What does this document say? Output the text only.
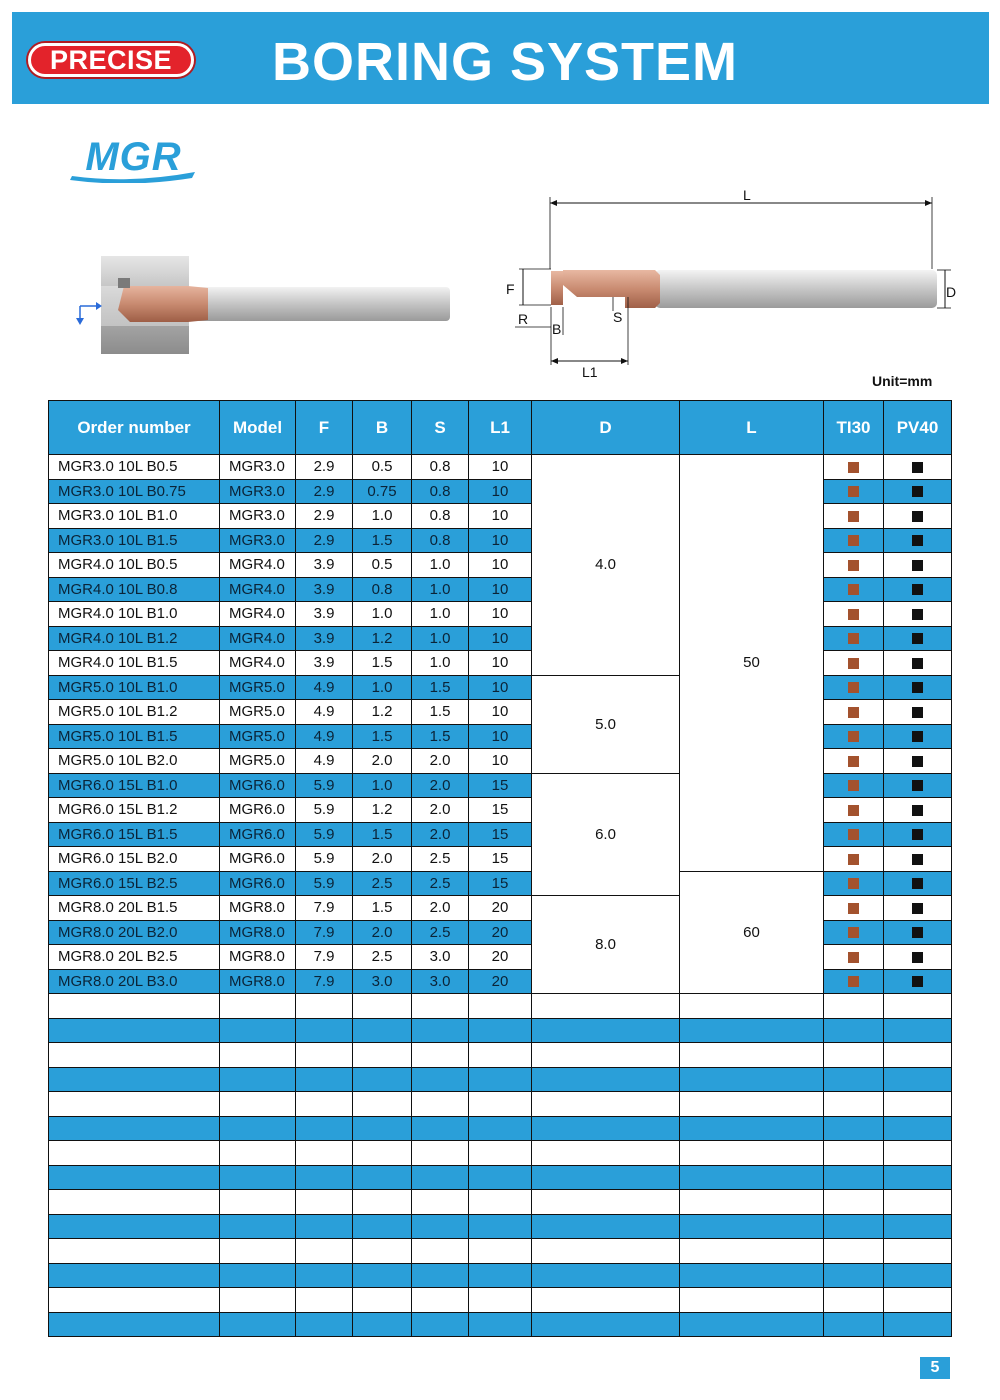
PRECISE	BORING SYSTEM
MGR
L
D
F
R
B
S
L1
Unit=mm
Order number	Model	F	B	S	L1	D	L	TI30	PV40
MGR3.0 10L B0.5	MGR3.0	2.9	0.5	0.8	10	4.0	50		
MGR3.0 10L B0.75	MGR3.0	2.9	0.75	0.8	10				
MGR3.0 10L B1.0	MGR3.0	2.9	1.0	0.8	10				
MGR3.0 10L B1.5	MGR3.0	2.9	1.5	0.8	10				
MGR4.0 10L B0.5	MGR4.0	3.9	0.5	1.0	10				
MGR4.0 10L B0.8	MGR4.0	3.9	0.8	1.0	10				
MGR4.0 10L B1.0	MGR4.0	3.9	1.0	1.0	10				
MGR4.0 10L B1.2	MGR4.0	3.9	1.2	1.0	10				
MGR4.0 10L B1.5	MGR4.0	3.9	1.5	1.0	10				
MGR5.0 10L B1.0	MGR5.0	4.9	1.0	1.5	10	5.0			
MGR5.0 10L B1.2	MGR5.0	4.9	1.2	1.5	10				
MGR5.0 10L B1.5	MGR5.0	4.9	1.5	1.5	10				
MGR5.0 10L B2.0	MGR5.0	4.9	2.0	2.0	10				
MGR6.0 15L B1.0	MGR6.0	5.9	1.0	2.0	15	6.0			
MGR6.0 15L B1.2	MGR6.0	5.9	1.2	2.0	15				
MGR6.0 15L B1.5	MGR6.0	5.9	1.5	2.0	15				
MGR6.0 15L B2.0	MGR6.0	5.9	2.0	2.5	15				
MGR6.0 15L B2.5	MGR6.0	5.9	2.5	2.5	15		60		
MGR8.0 20L B1.5	MGR8.0	7.9	1.5	2.0	20	8.0			
MGR8.0 20L B2.0	MGR8.0	7.9	2.0	2.5	20				
MGR8.0 20L B2.5	MGR8.0	7.9	2.5	3.0	20				
MGR8.0 20L B3.0	MGR8.0	7.9	3.0	3.0	20				

5
